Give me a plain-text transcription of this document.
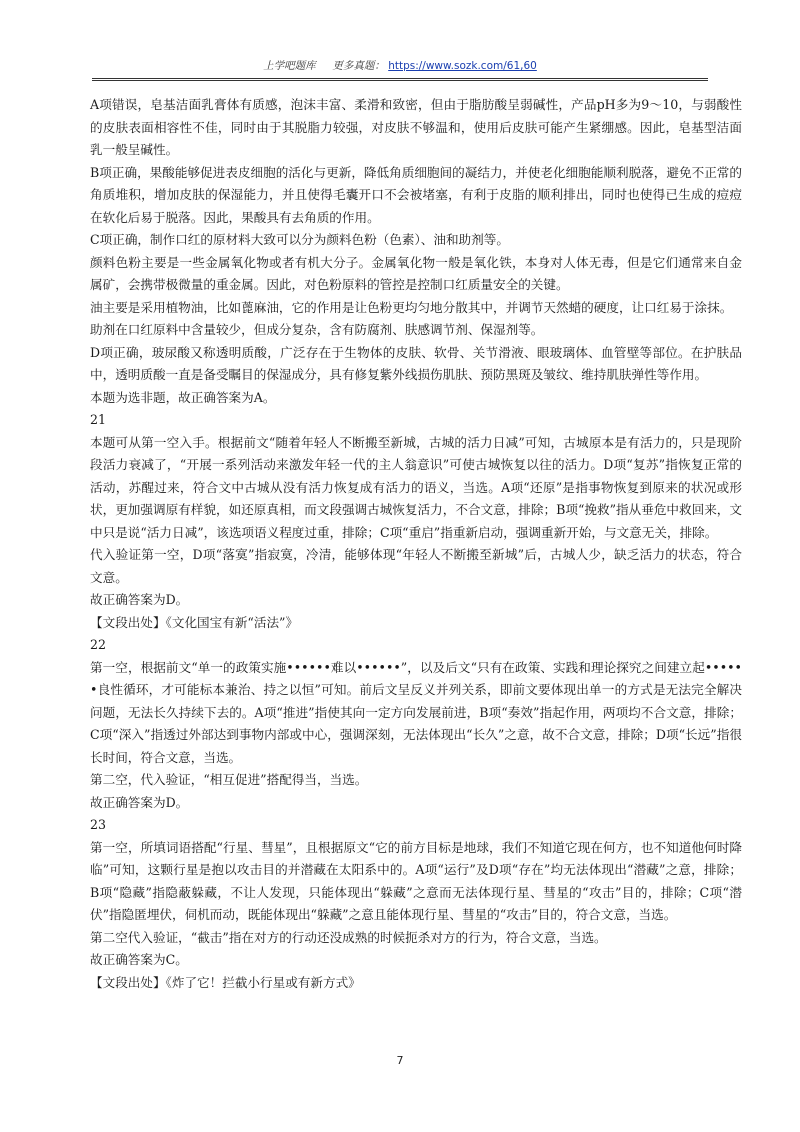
上学吧题库 更多真题： https://www.sozk.com/61,60

A项错误，皂基洁面乳膏体有质感，泡沫丰富、柔滑和致密，但由于脂肪酸呈弱碱性，产品pH多为9～10，与弱酸性的皮肤表面相容性不佳，同时由于其脱脂力较强，对皮肤不够温和，使用后皮肤可能产生紧绷感。因此，皂基型洁面乳一般呈碱性。

B项正确，果酸能够促进表皮细胞的活化与更新，降低角质细胞间的凝结力，并使老化细胞能顺利脱落，避免不正常的角质堆积，增加皮肤的保湿能力，并且使得毛囊开口不会被堵塞，有利于皮脂的顺利排出，同时也使得已生成的痘痘在软化后易于脱落。因此，果酸具有去角质的作用。

C项正确，制作口红的原材料大致可以分为颜料色粉（色素）、油和助剂等。

颜料色粉主要是一些金属氧化物或者有机大分子。金属氧化物一般是氧化铁，本身对人体无毒，但是它们通常来自金属矿，会携带极微量的重金属。因此，对色粉原料的管控是控制口红质量安全的关键。

油主要是采用植物油，比如蓖麻油，它的作用是让色粉更均匀地分散其中，并调节天然蜡的硬度，让口红易于涂抹。

助剂在口红原料中含量较少，但成分复杂，含有防腐剂、肤感调节剂、保湿剂等。

D项正确，玻尿酸又称透明质酸，广泛存在于生物体的皮肤、软骨、关节滑液、眼玻璃体、血管壁等部位。在护肤品中，透明质酸一直是备受瞩目的保湿成分，具有修复紫外线损伤肌肤、预防黑斑及皱纹、维持肌肤弹性等作用。

本题为选非题，故正确答案为A。

21

本题可从第一空入手。根据前文“随着年轻人不断搬至新城，古城的活力日减”可知，古城原本是有活力的，只是现阶段活力衰减了，“开展一系列活动来激发年轻一代的主人翁意识”可使古城恢复以往的活力。D项“复苏”指恢复正常的活动，苏醒过来，符合文中古城从没有活力恢复成有活力的语义，当选。A项“还原”是指事物恢复到原来的状况或形状，更加强调原有样貌，如还原真相，而文段强调古城恢复活力，不合文意，排除；B项“挽救”指从垂危中救回来，文中只是说“活力日减”，该选项语义程度过重，排除；C项“重启”指重新启动，强调重新开始，与文意无关，排除。

代入验证第一空，D项“落寞”指寂寞，冷清，能够体现“年轻人不断搬至新城”后，古城人少，缺乏活力的状态，符合文意。

故正确答案为D。

【文段出处】《文化国宝有新“活法”》

22

第一空，根据前文“单一的政策实施••••••难以••••••”，以及后文“只有在政策、实践和理论探究之间建立起••••••良性循环，才可能标本兼治、持之以恒”可知。前后文呈反义并列关系，即前文要体现出单一的方式是无法完全解决问题，无法长久持续下去的。A项“推进”指使其向一定方向发展前进，B项“奏效”指起作用，两项均不合文意，排除；C项“深入”指透过外部达到事物内部或中心，强调深刻，无法体现出“长久”之意，故不合文意，排除；D项“长远”指很长时间，符合文意，当选。

第二空，代入验证，“相互促进”搭配得当，当选。

故正确答案为D。

23

第一空，所填词语搭配“行星、彗星”，且根据原文“它的前方目标是地球，我们不知道它现在何方，也不知道他何时降临”可知，这颗行星是抱以攻击目的并潜藏在太阳系中的。A项“运行”及D项“存在”均无法体现出“潜藏”之意，排除；B项“隐藏”指隐蔽躲藏，不让人发现，只能体现出“躲藏”之意而无法体现行星、彗星的“攻击”目的，排除；C项“潜伏”指隐匿埋伏，伺机而动，既能体现出“躲藏”之意且能体现行星、彗星的“攻击”目的，符合文意，当选。

第二空代入验证，“截击”指在对方的行动还没成熟的时候扼杀对方的行为，符合文意，当选。

故正确答案为C。

【文段出处】《炸了它！拦截小行星或有新方式》

7
